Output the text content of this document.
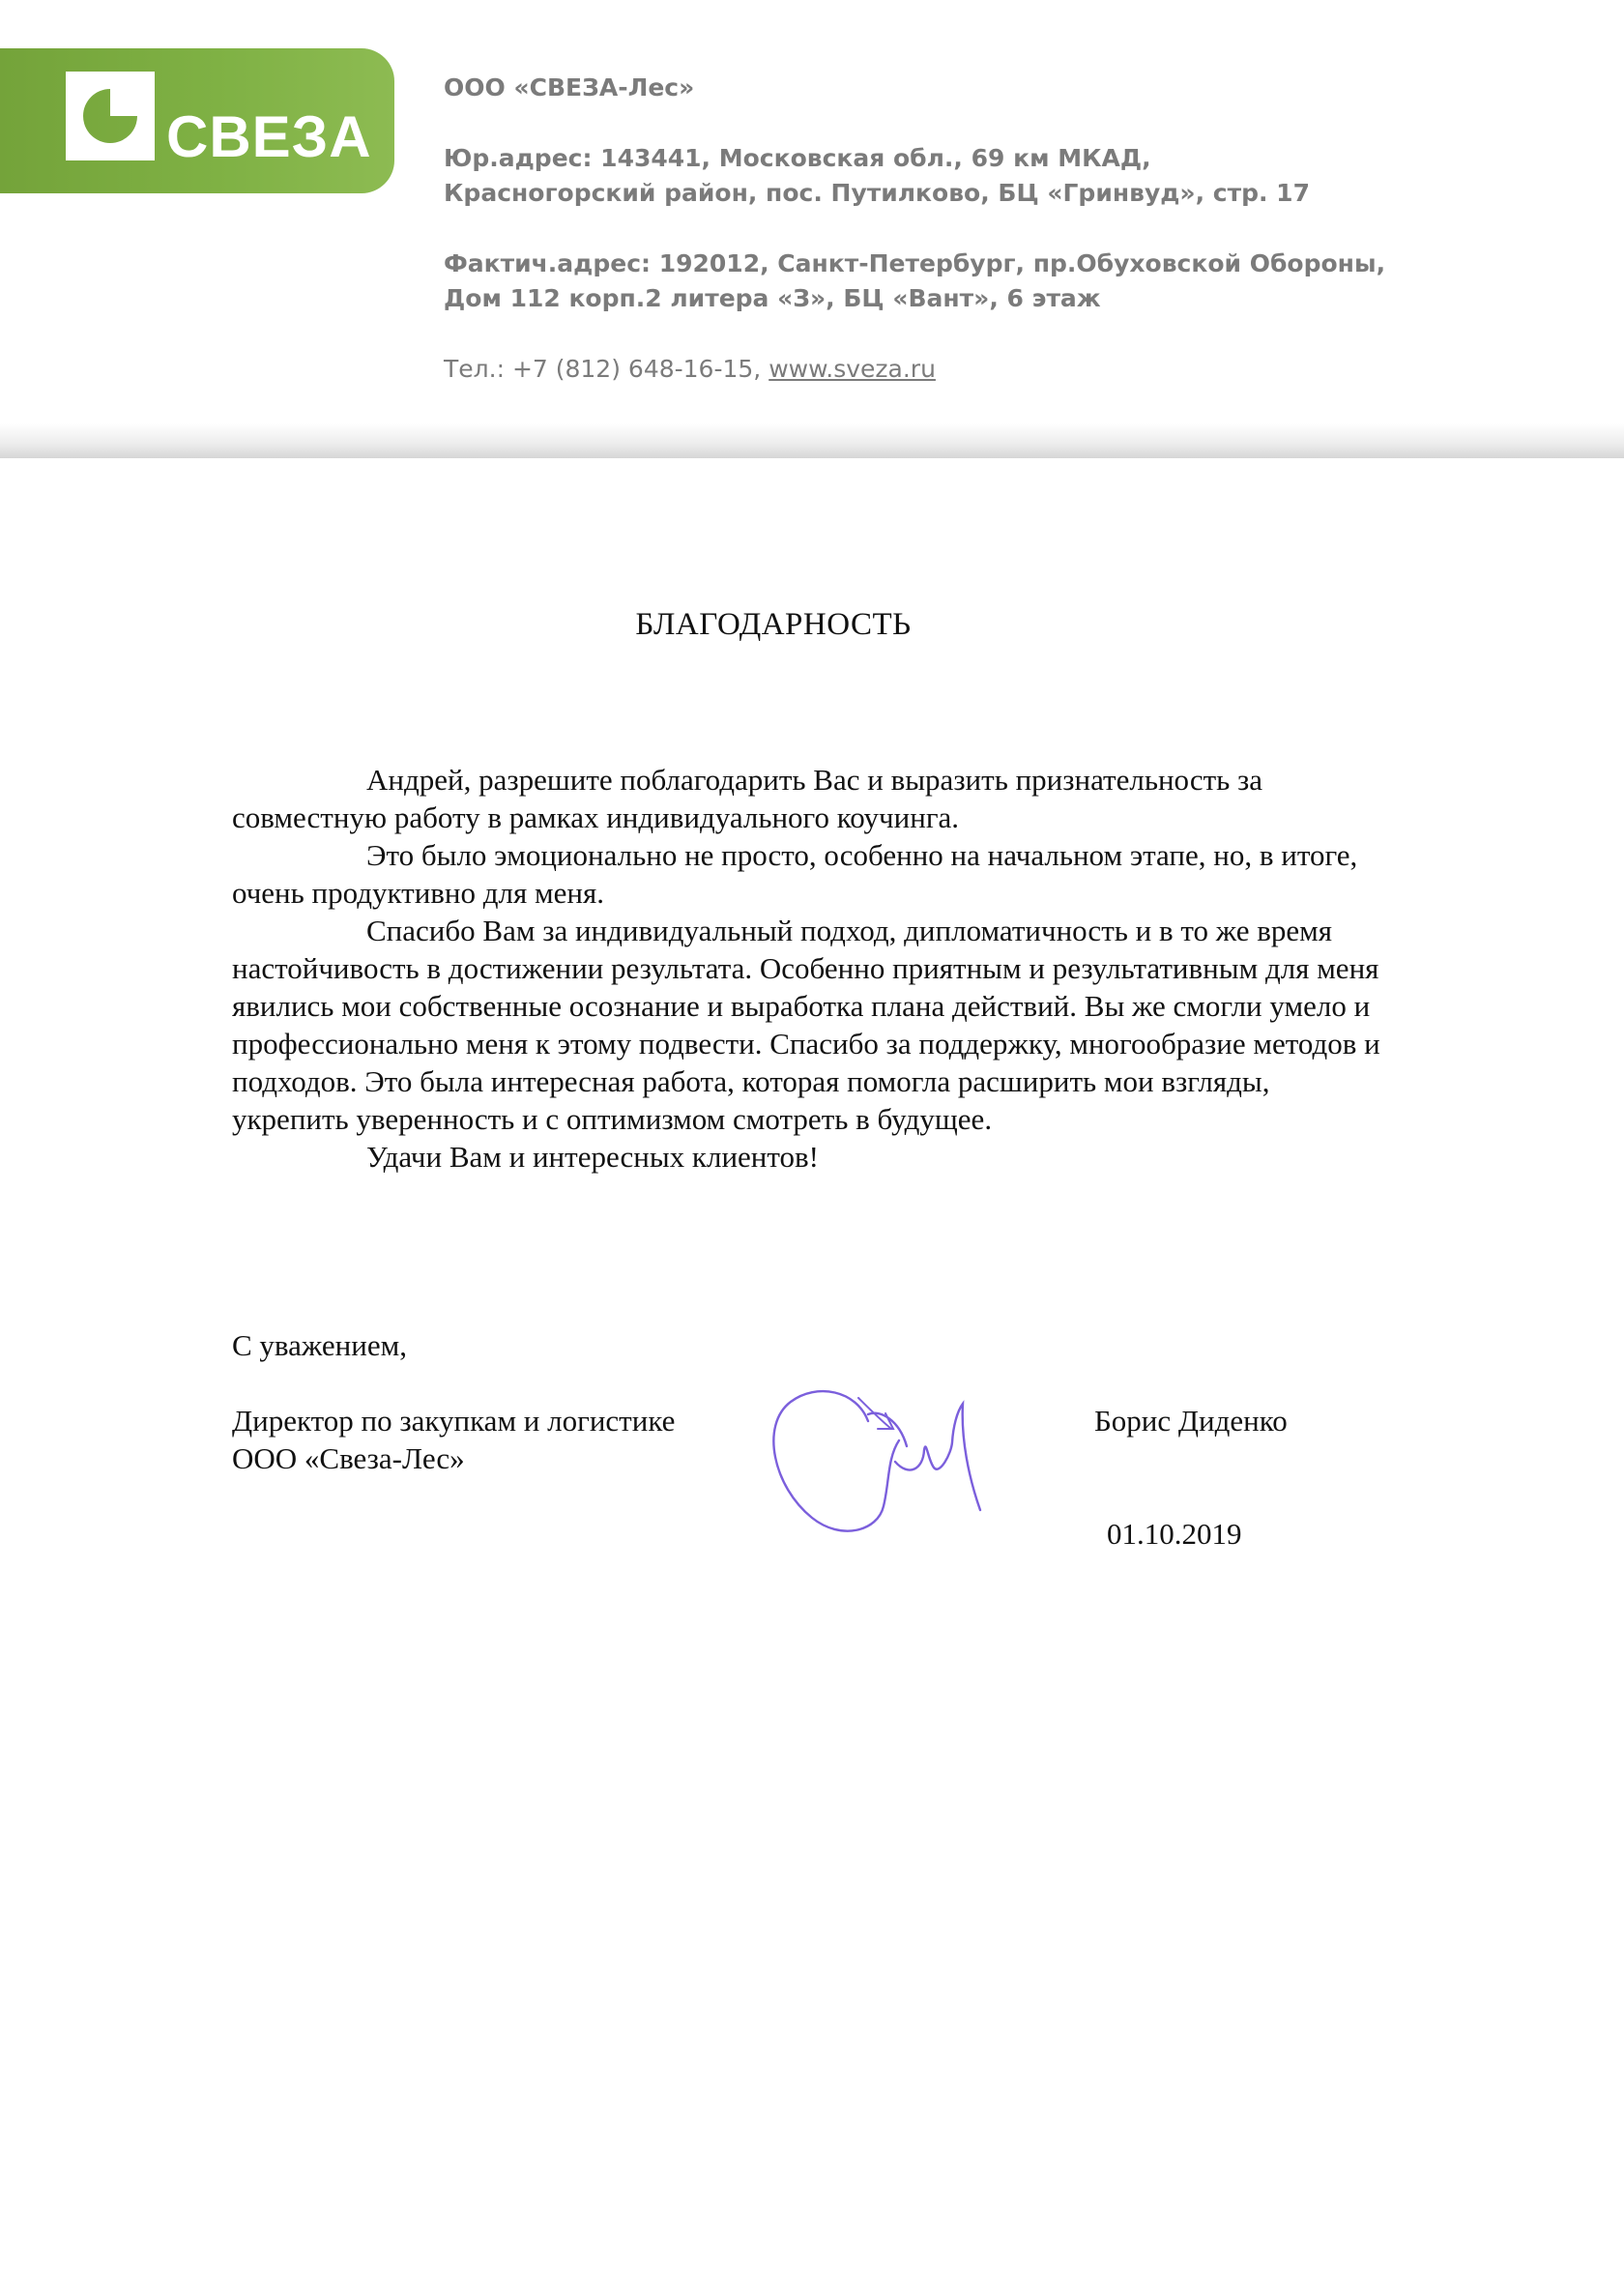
СВЕЗА
ООО «СВЕЗА-Лес»
Юр.адрес: 143441, Московская обл., 69 км МКАД,
Красногорский район, пос. Путилково, БЦ «Гринвуд», стр. 17
Фактич.адрес: 192012, Санкт-Петербург, пр.Обуховской Обороны,
Дом 112 корп.2 литера «З», БЦ «Вант», 6 этаж
Тел.: +7 (812) 648-16-15, www.sveza.ru
БЛАГОДАРНОСТЬ
Андрей, разрешите поблагодарить Вас и выразить признательность за
совместную работу в рамках индивидуального коучинга.
Это было эмоционально не просто, особенно на начальном этапе, но, в итоге,
очень продуктивно для меня.
Спасибо Вам за индивидуальный подход, дипломатичность и в то же время
настойчивость в достижении результата. Особенно приятным и результативным для меня
явились мои собственные осознание и выработка плана действий. Вы же смогли умело и
профессионально меня к этому подвести. Спасибо за поддержку, многообразие методов и
подходов. Это была интересная работа, которая помогла расширить мои взгляды,
укрепить уверенность и с оптимизмом смотреть в будущее.
Удачи Вам и интересных клиентов!
С уважением,
Директор по закупкам и логистике
ООО «Свеза-Лес»
Борис Диденко
01.10.2019
